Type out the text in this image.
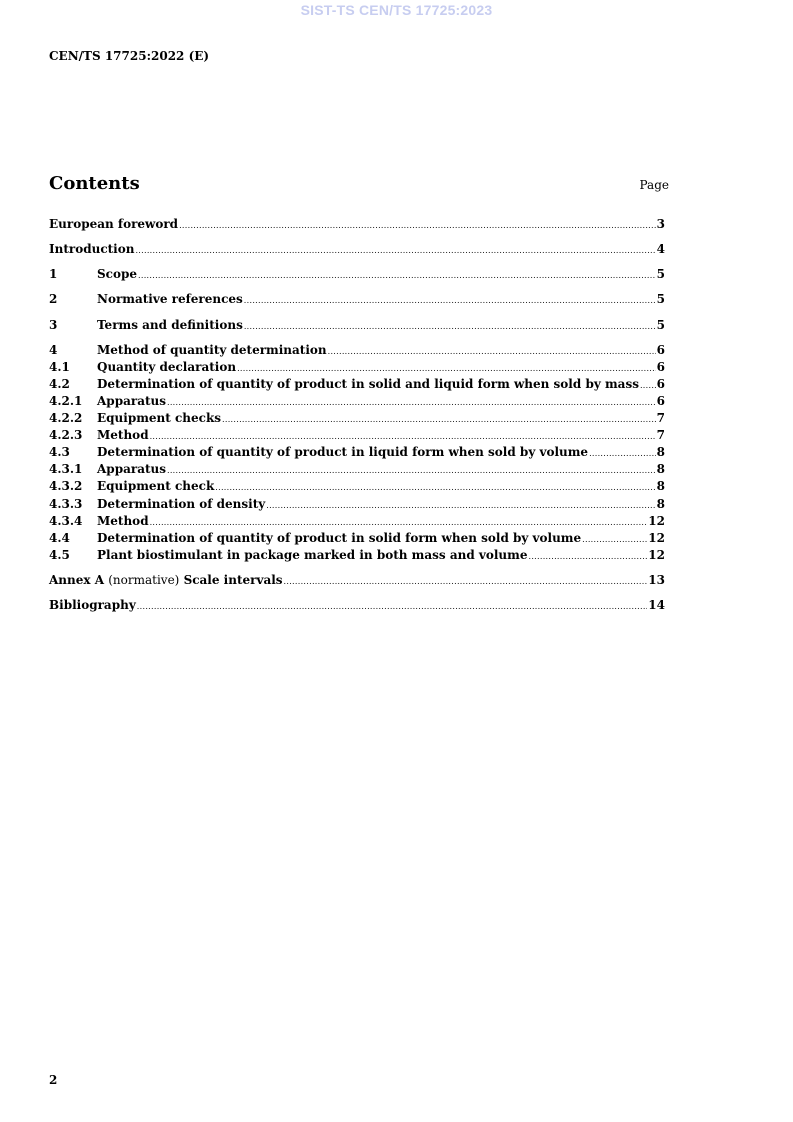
SIST-TS CEN/TS 17725:2023
CEN/TS 17725:2022 (E)
Contents	Page
European foreword .....	3
Introduction .....	4
1	Scope .....	5
2	Normative references .....	5
3	Terms and definitions .....	5
4	Method of quantity determination .....	6
4.1	Quantity declaration .....	6
4.2	Determination of quantity of product in solid and liquid form when sold by mass ..... 6
4.2.1	Apparatus .....	6
4.2.2	Equipment checks .....	7
4.2.3	Method .....	7
4.3	Determination of quantity of product in liquid form when sold by volume .....	8
4.3.1	Apparatus .....	8
4.3.2	Equipment check .....	8
4.3.3	Determination of density .....	8
4.3.4	Method .....	12
4.4	Determination of quantity of product in solid form when sold by volume .....	12
4.5	Plant biostimulant in package marked in both mass and volume .....	12
Annex A (normative) Scale intervals .....	13
Bibliography .....	14
2
